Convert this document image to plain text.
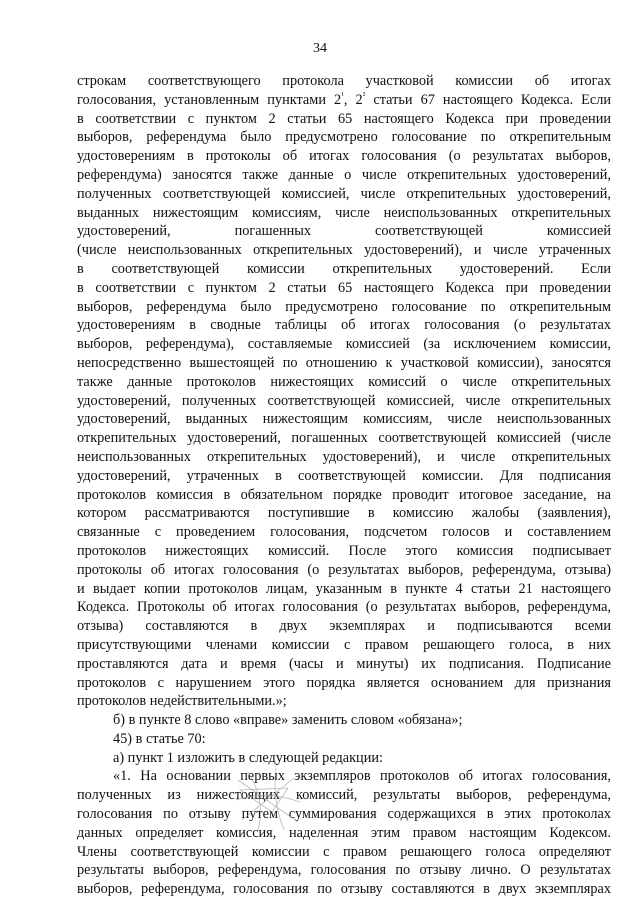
34
строкам соответствующего протокола участковой комиссии об итогах
голосования, установленным пунктами $2^{^1}$, $2^{^2}$ статьи 67 настоящего Кодекса. Если
в соответствии с пунктом 2 статьи 65 настоящего Кодекса при проведении
выборов, референдума было предусмотрено голосование по открепительным
удостоверениям в протоколы об итогах голосования (о результатах выборов,
референдума) заносятся также данные о числе открепительных удостоверений,
полученных соответствующей комиссией, числе открепительных удостоверений,
выданных нижестоящим комиссиям, числе неиспользованных открепительных
удостоверений, погашенных соответствующей комиссией
(числе неиспользованных открепительных удостоверений), и числе утраченных
в соответствующей комиссии открепительных удостоверений. Если
в соответствии с пунктом 2 статьи 65 настоящего Кодекса при проведении
выборов, референдума было предусмотрено голосование по открепительным
удостоверениям в сводные таблицы об итогах голосования (о результатах
выборов, референдума), составляемые комиссией (за исключением комиссии,
непосредственно вышестоящей по отношению к участковой комиссии), заносятся
также данные протоколов нижестоящих комиссий о числе открепительных
удостоверений, полученных соответствующей комиссией, числе открепительных
удостоверений, выданных нижестоящим комиссиям, числе неиспользованных
открепительных удостоверений, погашенных соответствующей комиссией (числе
неиспользованных открепительных удостоверений), и числе открепительных
удостоверений, утраченных в соответствующей комиссии. Для подписания
протоколов комиссия в обязательном порядке проводит итоговое заседание, на
котором рассматриваются поступившие в комиссию жалобы (заявления),
связанные с проведением голосования, подсчетом голосов и составлением
протоколов нижестоящих комиссий. После этого комиссия подписывает
протоколы об итогах голосования (о результатах выборов, референдума, отзыва)
и выдает копии протоколов лицам, указанным в пункте 4 статьи 21 настоящего
Кодекса. Протоколы об итогах голосования (о результатах выборов, референдума,
отзыва) составляются в двух экземплярах и подписываются всеми
присутствующими членами комиссии с правом решающего голоса, в них
проставляются дата и время (часы и минуты) их подписания. Подписание
протоколов с нарушением этого порядка является основанием для признания
протоколов недействительными.»;
б) в пункте 8 слово «вправе» заменить словом «обязана»;
45) в статье 70:
а) пункт 1 изложить в следующей редакции:
«1. На основании первых экземпляров протоколов об итогах голосования,
полученных из нижестоящих комиссий, результаты выборов, референдума,
голосования по отзыву путем суммирования содержащихся в этих протоколах
данных определяет комиссия, наделенная этим правом настоящим Кодексом.
Члены соответствующей комиссии с правом решающего голоса определяют
результаты выборов, референдума, голосования по отзыву лично. О результатах
выборов, референдума, голосования по отзыву составляются в двух экземплярах
